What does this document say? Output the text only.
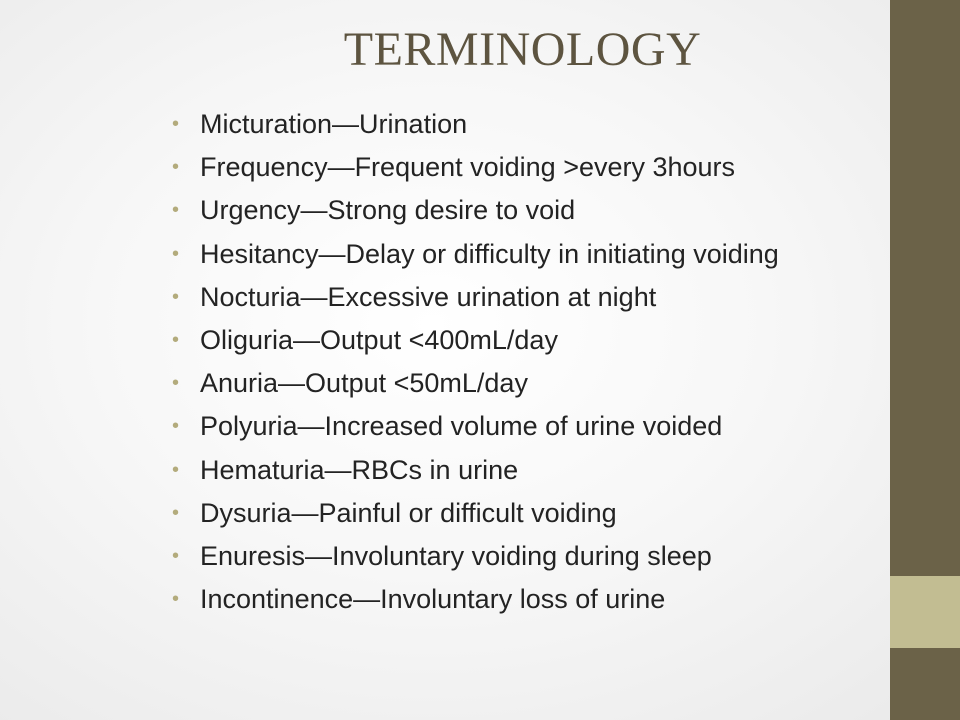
TERMINOLOGY
• Micturation—Urination
• Frequency—Frequent voiding >every 3hours
• Urgency—Strong desire to void
• Hesitancy—Delay or difficulty in initiating voiding
• Nocturia—Excessive urination at night
• Oliguria—Output <400mL/day
• Anuria—Output <50mL/day
• Polyuria—Increased volume of urine voided
• Hematuria—RBCs in urine
• Dysuria—Painful or difficult voiding
• Enuresis—Involuntary voiding during sleep
• Incontinence—Involuntary loss of urine
